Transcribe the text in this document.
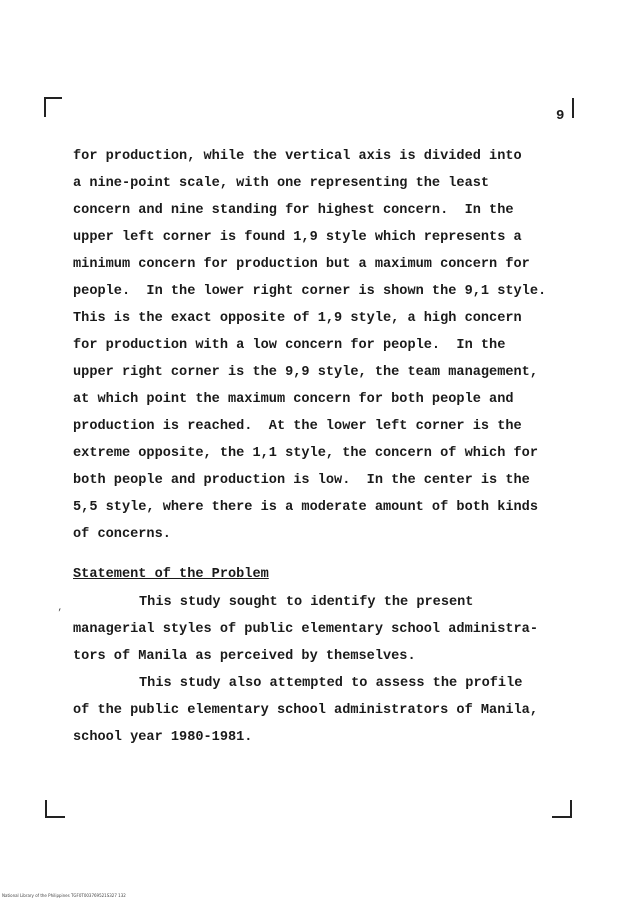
9
for production, while the vertical axis is divided into
a nine-point scale, with one representing the least
concern and nine standing for highest concern.  In the
upper left corner is found 1,9 style which represents a
minimum concern for production but a maximum concern for
people.  In the lower right corner is shown the 9,1 style.
This is the exact opposite of 1,9 style, a high concern
for production with a low concern for people.  In the
upper right corner is the 9,9 style, the team management,
at which point the maximum concern for both people and
production is reached.  At the lower left corner is the
extreme opposite, the 1,1 style, the concern of which for
both people and production is low.  In the center is the
5,5 style, where there is a moderate amount of both kinds
of concerns.
Statement of the Problem
’
This study sought to identify the present
managerial styles of public elementary school administra-
tors of Manila as perceived by themselves.
This study also attempted to assess the profile
of the public elementary school administrators of Manila,
school year 1980-1981.
National Library of the Philippines TGF0T003769521S327 132
